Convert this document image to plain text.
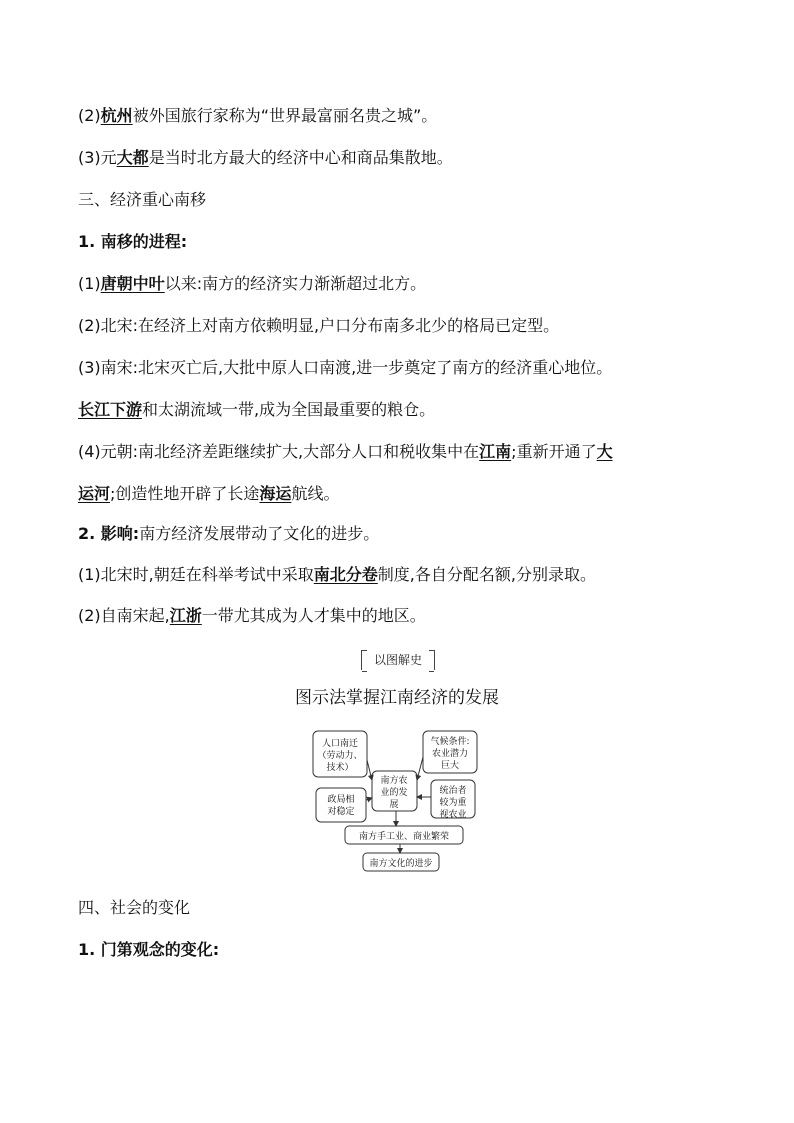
(2)杭州被外国旅行家称为“世界最富丽名贵之城”。
(3)元大都是当时北方最大的经济中心和商品集散地。
三、经济重心南移
1. 南移的进程:
(1)唐朝中叶以来:南方的经济实力渐渐超过北方。
(2)北宋:在经济上对南方依赖明显,户口分布南多北少的格局已定型。
(3)南宋:北宋灭亡后,大批中原人口南渡,进一步奠定了南方的经济重心地位。
长江下游和太湖流域一带,成为全国最重要的粮仓。
(4)元朝:南北经济差距继续扩大,大部分人口和税收集中在江南;重新开通了大
运河;创造性地开辟了长途海运航线。
2. 影响:南方经济发展带动了文化的进步。
(1)北宋时,朝廷在科举考试中采取南北分卷制度,各自分配名额,分别录取。
(2)自南宋起,江浙一带尤其成为人才集中的地区。
以图解史
图示法掌握江南经济的发展
人口南迁
（劳动力、
技术）
政局相
对稳定
南方农
业的发
展
气候条件:
农业潜力
巨大
统治者
较为重
视农业
南方手工业、商业繁荣
南方文化的进步
四、社会的变化
1. 门第观念的变化:
